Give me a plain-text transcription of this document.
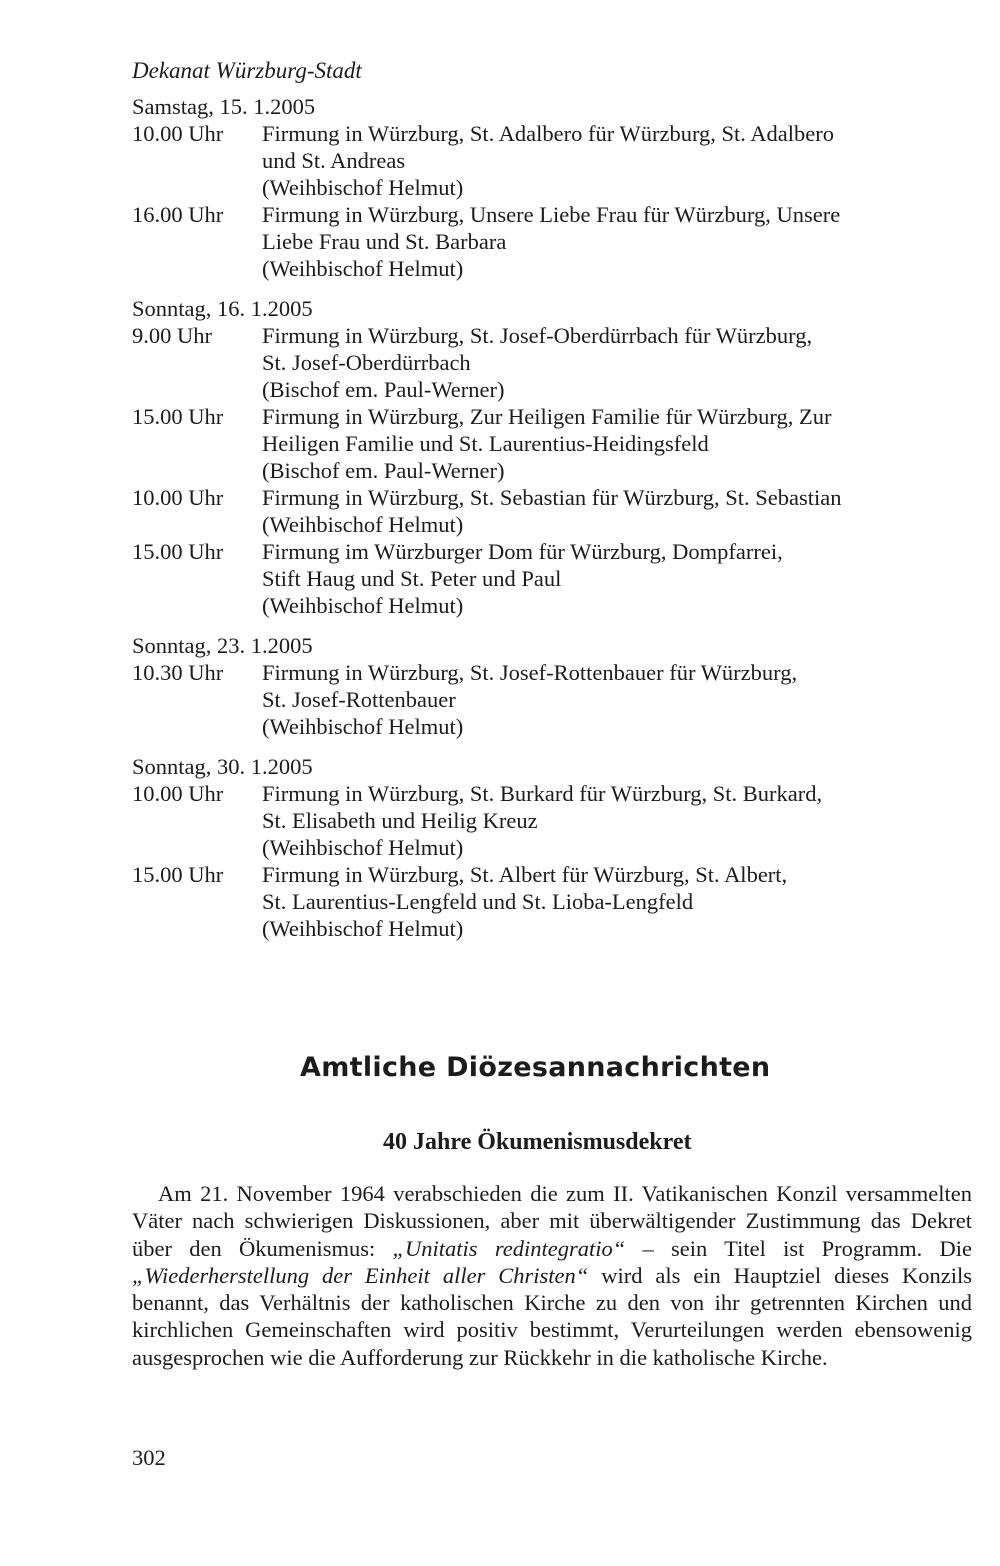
Dekanat Würzburg-Stadt
Samstag, 15. 1.2005
10.00 Uhr	Firmung in Würzburg, St. Adalbero für Würzburg, St. Adalbero
und St. Andreas
(Weihbischof Helmut)
16.00 Uhr	Firmung in Würzburg, Unsere Liebe Frau für Würzburg, Unsere
Liebe Frau und St. Barbara
(Weihbischof Helmut)
Sonntag, 16. 1.2005
9.00 Uhr	Firmung in Würzburg, St. Josef-Oberdürrbach für Würzburg,
St. Josef-Oberdürrbach
(Bischof em. Paul-Werner)
15.00 Uhr	Firmung in Würzburg, Zur Heiligen Familie für Würzburg, Zur
Heiligen Familie und St. Laurentius-Heidingsfeld
(Bischof em. Paul-Werner)
10.00 Uhr	Firmung in Würzburg, St. Sebastian für Würzburg, St. Sebastian
(Weihbischof Helmut)
15.00 Uhr	Firmung im Würzburger Dom für Würzburg, Dompfarrei,
Stift Haug und St. Peter und Paul
(Weihbischof Helmut)
Sonntag, 23. 1.2005
10.30 Uhr	Firmung in Würzburg, St. Josef-Rottenbauer für Würzburg,
St. Josef-Rottenbauer
(Weihbischof Helmut)
Sonntag, 30. 1.2005
10.00 Uhr	Firmung in Würzburg, St. Burkard für Würzburg, St. Burkard,
St. Elisabeth und Heilig Kreuz
(Weihbischof Helmut)
15.00 Uhr	Firmung in Würzburg, St. Albert für Würzburg, St. Albert,
St. Laurentius-Lengfeld und St. Lioba-Lengfeld
(Weihbischof Helmut)
Amtliche Diözesannachrichten
40 Jahre Ökumenismusdekret

Am 21. November 1964 verabschieden die zum II. Vatikanischen Konzil versammelten Väter nach schwierigen Diskussionen, aber mit überwältigender Zustimmung das Dekret über den Ökumenismus: „Unitatis redintegratio“ – sein Titel ist Programm. Die „Wiederherstellung der Einheit aller Christen“ wird als ein Hauptziel dieses Konzils benannt, das Verhältnis der katholischen Kirche zu den von ihr getrennten Kirchen und kirchlichen Gemeinschaften wird positiv bestimmt, Verurteilungen werden ebensowenig ausgesprochen wie die Aufforderung zur Rückkehr in die katholische Kirche.

302
